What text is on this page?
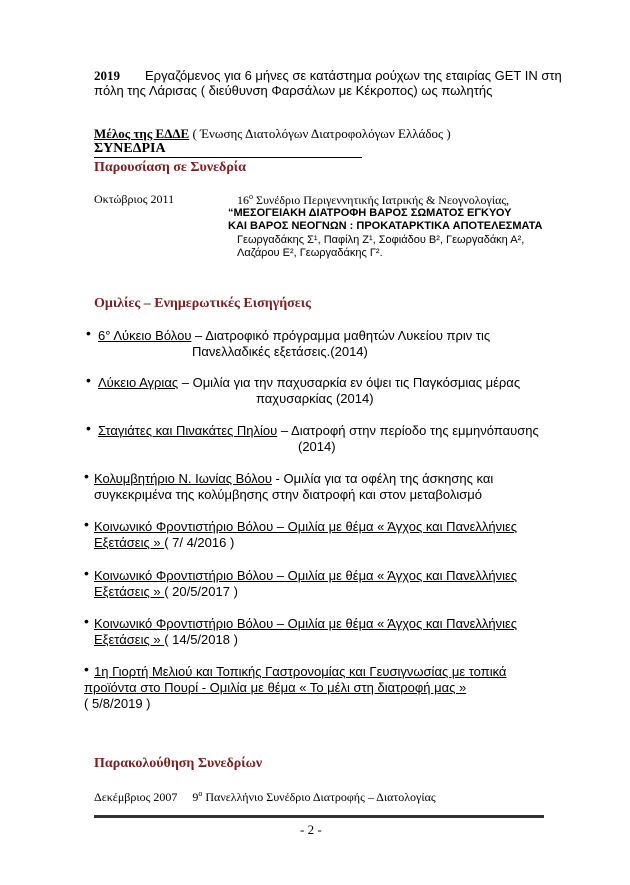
2019 Εργαζόμενος για 6 μήνες σε κατάστημα ρούχων της εταιρίας GET IN στη
πόλη της Λάρισας ( διεύθυνση Φαρσάλων με Κέκροπος) ως πωλητής
Μέλος της ΕΔΔΕ ( Ένωσης Διατολόγων Διατροφολόγων Ελλάδος )
ΣΥΝΕΔΡΙΑ
Παρουσίαση σε Συνεδρία
Οκτώβριος 2011	$16^o$ Συνέδριο Περιγεννητικής Ιατρικής & Νεογνολογίας,
“ΜΕΣΟΓΕΙΑΚΗ ΔΙΑΤΡΟΦΗ ΒΑΡΟΣ ΣΩΜΑΤΟΣ ΕΓΚΥΟΥ
ΚΑΙ ΒΑΡΟΣ ΝΕΟΓΝΩΝ : ΠΡΟΚΑΤΑΡΚΤΙΚΑ ΑΠΟΤΕΛΕΣΜΑΤΑ
Γεωργαδάκης Σ¹, Παφίλη Ζ¹, Σοφιάδου Β², Γεωργαδάκη Α²,
Λαζάρου Ε², Γεωργαδάκης Γ².
Ομιλίες – Ενημερωτικές Εισηγήσεις
• 6° Λύκειο Βόλου – Διατροφικό πρόγραμμα μαθητών Λυκείου πριν τις
Πανελλαδικές εξετάσεις.(2014)
• Λύκειο Αγριας – Ομιλία για την παχυσαρκία εν όψει τις Παγκόσμιας μέρας
παχυσαρκίας (2014)
• Σταγιάτες και Πινακάτες Πηλίου – Διατροφή στην περίοδο της εμμηνόπαυσης
(2014)
• Κολυμβητήριο Ν. Ιωνίας Βόλου - Ομιλία για τα οφέλη της άσκησης και
συγκεκριμένα της κολύμβησης στην διατροφή και στον μεταβολισμό
• Κοινωνικό Φροντιστήριο Βόλου – Ομιλία με θέμα « Άγχος και Πανελλήνιες
Εξετάσεις » ( 7/ 4/2016 )
• Κοινωνικό Φροντιστήριο Βόλου – Ομιλία με θέμα « Άγχος και Πανελλήνιες
Εξετάσεις » ( 20/5/2017 )
• Κοινωνικό Φροντιστήριο Βόλου – Ομιλία με θέμα « Άγχος και Πανελλήνιες
Εξετάσεις » ( 14/5/2018 )
• 1η Γιορτή Μελιού και Τοπικής Γαστρονομίας και Γευσιγνωσίας με τοπικά
προϊόντα στο Πουρί - Ομιλία με θέμα « Το μέλι στη διατροφή μας »
( 5/8/2019 )
Παρακολούθηση Συνεδρίων
Δεκέμβριος 2007 $9^o$ Πανελλήνιο Συνέδριο Διατροφής – Διατολογίας
- 2 -
